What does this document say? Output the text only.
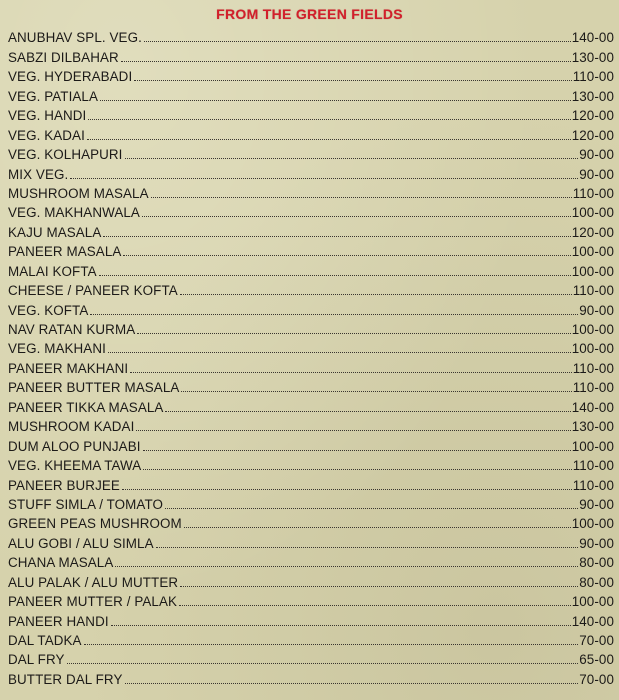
FROM THE GREEN FIELDS
ANUBHAV SPL. VEG.	140-00
SABZI DILBAHAR	130-00
VEG. HYDERABADI	110-00
VEG. PATIALA	130-00
VEG. HANDI	120-00
VEG. KADAI	120-00
VEG. KOLHAPURI	90-00
MIX VEG.	90-00
MUSHROOM MASALA	110-00
VEG. MAKHANWALA	100-00
KAJU MASALA	120-00
PANEER MASALA	100-00
MALAI KOFTA	100-00
CHEESE / PANEER KOFTA	110-00
VEG. KOFTA	90-00
NAV RATAN KURMA	100-00
VEG. MAKHANI	100-00
PANEER MAKHANI	110-00
PANEER BUTTER MASALA	110-00
PANEER TIKKA MASALA	140-00
MUSHROOM KADAI	130-00
DUM ALOO PUNJABI	100-00
VEG. KHEEMA TAWA	110-00
PANEER BURJEE	110-00
STUFF SIMLA / TOMATO	90-00
GREEN PEAS MUSHROOM	100-00
ALU GOBI / ALU SIMLA	90-00
CHANA MASALA	80-00
ALU PALAK / ALU MUTTER	80-00
PANEER MUTTER / PALAK	100-00
PANEER HANDI	140-00
DAL TADKA	70-00
DAL FRY	65-00
BUTTER DAL FRY	70-00
